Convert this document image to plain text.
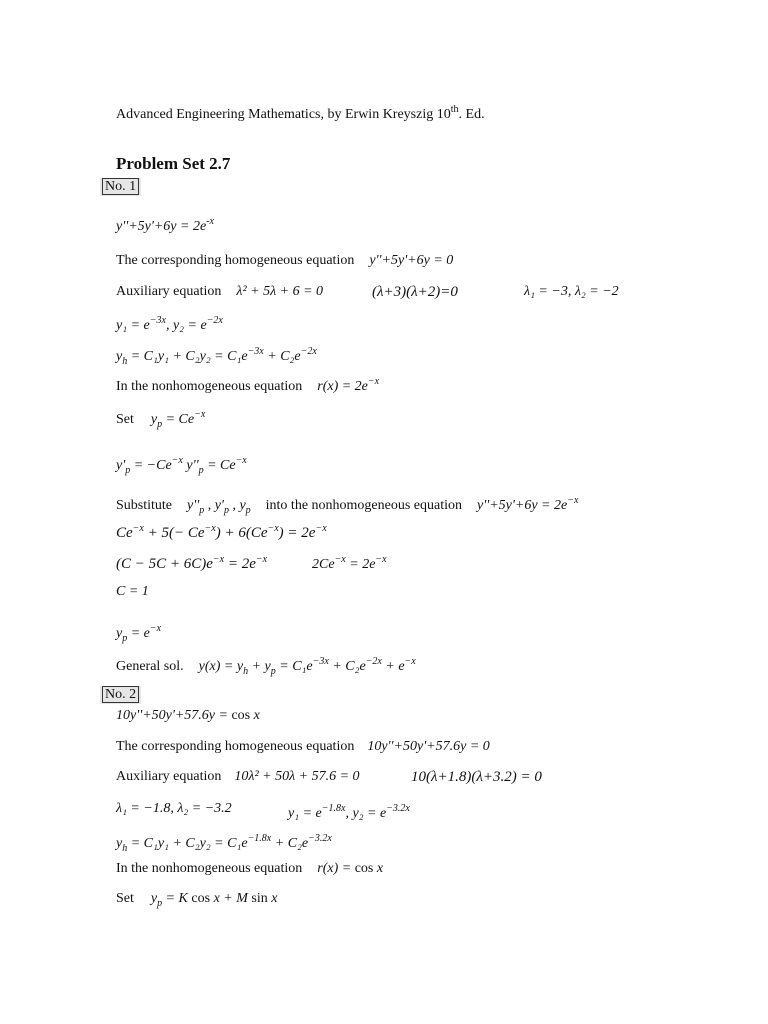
Advanced Engineering Mathematics, by Erwin Kreyszig 10th. Ed.
Problem Set 2.7
No. 1
$y''+5y'+6y = 2e^{-x}$
The corresponding homogeneous equation y''+5y'+6y = 0
Auxiliary equation λ² + 5λ + 6 = 0	(λ+3)(λ+2)=0	λ₁ = −3, λ₂ = −2
$y_1 = e^{-3x}$, $y_2 = e^{-2x}$
$y_h = C_1y_1 + C_2y_2 = C_1e^{-3x} + C_2e^{-2x}$
In the nonhomogeneous equation $r(x) = 2e^{-x}$
Set $y_p = Ce^{-x}$
$y'_p = -Ce^{-x}$ $y''_p = Ce^{-x}$
Substitute $y''_p$ , $y'_p$ , $y_p$ into the nonhomogeneous equation $y''+5y'+6y = 2e^{-x}$
$Ce^{-x} + 5(- Ce^{-x}) + 6(Ce^{-x}) = 2e^{-x}$
$(C - 5C + 6C)e^{-x} = 2e^{-x}$	$2Ce^{-x} = 2e^{-x}$
C = 1
$y_p = e^{-x}$
General sol. $y(x) = y_h + y_p = C_1e^{-3x} + C_2e^{-2x} + e^{-x}$
No. 2
10y''+50y'+57.6y = cos x
The corresponding homogeneous equation 10y''+50y'+57.6y = 0
Auxiliary equation 10λ² + 50λ + 57.6 = 0	10(λ+1.8)(λ+3.2) = 0
λ₁ = −1.8, λ₂ = −3.2	$y_1 = e^{-1.8x}$, $y_2 = e^{-3.2x}$
$y_h = C_1y_1 + C_2y_2 = C_1e^{-1.8x} + C_2e^{-3.2x}$
In the nonhomogeneous equation r(x) = cos x
Set $y_p = K$ cos x + M sin x
